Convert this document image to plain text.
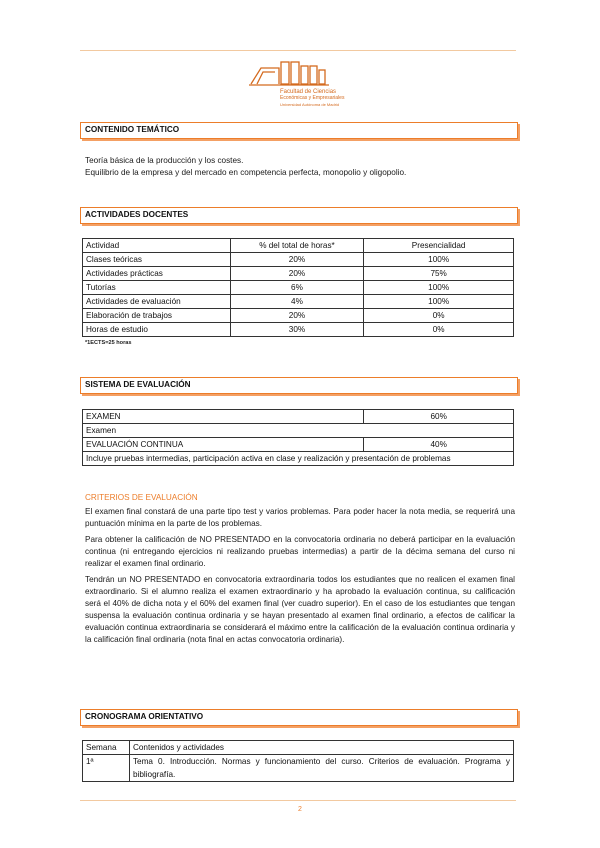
Facultad de Ciencias
Económicas y Empresariales
Universidad Autónoma de Madrid
CONTENIDO TEMÁTICO
Teoría básica de la producción y los costes.
Equilibrio de la empresa y del mercado en competencia perfecta, monopolio y oligopolio.
ACTIVIDADES DOCENTES
Actividad	% del total de horas*	Presencialidad
Clases teóricas	20%	100%
Actividades prácticas	20%	75%
Tutorías	6%	100%
Actividades de evaluación	4%	100%
Elaboración de trabajos	20%	0%
Horas de estudio	30%	0%
*1ECTS=25 horas
SISTEMA DE EVALUACIÓN
EXAMEN	60%
Examen	
EVALUACIÓN CONTINUA	40%
Incluye pruebas intermedias, participación activa en clase y realización y presentación de problemas	
CRITERIOS DE EVALUACIÓN
El examen final constará de una parte tipo test y varios problemas. Para poder hacer la nota media, se requerirá una puntuación mínima en la parte de los problemas.
Para obtener la calificación de NO PRESENTADO en la convocatoria ordinaria no deberá participar en la evaluación continua (ni entregando ejercicios ni realizando pruebas intermedias) a partir de la décima semana del curso ni realizar el examen final ordinario.
Tendrán un NO PRESENTADO en convocatoria extraordinaria todos los estudiantes que no realicen el examen final extraordinario. Si el alumno realiza el examen extraordinario y ha aprobado la evaluación continua, su calificación será el 40% de dicha nota y el 60% del examen final (ver cuadro superior). En el caso de los estudiantes que tengan suspensa la evaluación continua ordinaria y se hayan presentado al examen final ordinario, a efectos de calificar la evaluación continua extraordinaria se considerará el máximo entre la calificación de la evaluación continua ordinaria y la calificación final ordinaria (nota final en actas convocatoria ordinaria).
CRONOGRAMA ORIENTATIVO
Semana	Contenidos y actividades
1ª	Tema 0. Introducción. Normas y funcionamiento del curso. Criterios de evaluación. Programa y bibliografía.
2
